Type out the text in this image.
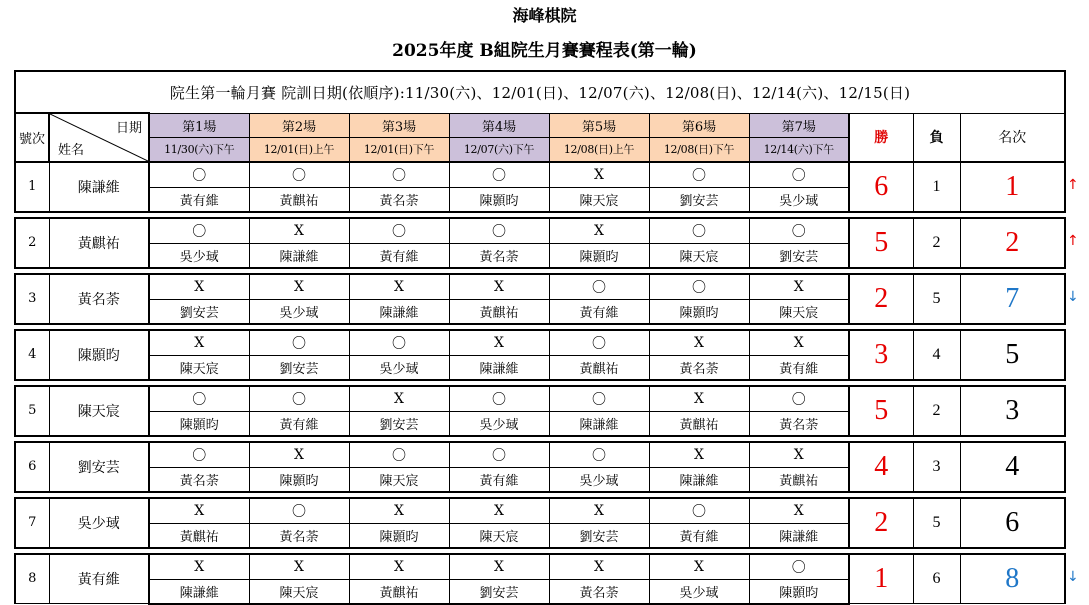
海峰棋院
2025年度 B組院生月賽賽程表(第一輪)
院生第一輪月賽 院訓日期(依順序):11/30(六)、12/01(日)、12/07(六)、12/08(日)、12/14(六)、12/15(日)											
號次	日期
姓名	第1場	第2場	第3場	第4場	第5場	第6場	第7場	勝	負	名次
		11/30(六)下午	12/01(日)上午	12/01(日)下午	12/07(六)下午	12/08(日)上午	12/08(日)下午	12/14(六)下午			
1	陳謙維	〇	〇	〇	〇	X	〇	〇	6	1	1
		黃有維	黃麒祐	黃名荼	陳顥昀	陳天宸	劉安芸	吳少琙			

2	黃麒祐	〇	X	〇	〇	X	〇	〇	5	2	2
		吳少琙	陳謙維	黃有維	黃名荼	陳顥昀	陳天宸	劉安芸			

3	黃名荼	X	X	X	X	〇	〇	X	2	5	7
		劉安芸	吳少琙	陳謙維	黃麒祐	黃有維	陳顥昀	陳天宸			

4	陳顥昀	X	〇	〇	X	〇	X	X	3	4	5
		陳天宸	劉安芸	吳少琙	陳謙維	黃麒祐	黃名荼	黃有維			

5	陳天宸	〇	〇	X	〇	〇	X	〇	5	2	3
		陳顥昀	黃有維	劉安芸	吳少琙	陳謙維	黃麒祐	黃名荼			

6	劉安芸	〇	X	〇	〇	〇	X	X	4	3	4
		黃名荼	陳顥昀	陳天宸	黃有維	吳少琙	陳謙維	黃麒祐			

7	吳少琙	X	〇	X	X	X	〇	X	2	5	6
		黃麒祐	黃名荼	陳顥昀	陳天宸	劉安芸	黃有維	陳謙維			

8	黃有維	X	X	X	X	X	X	〇	1	6	8
		陳謙維	陳天宸	黃麒祐	劉安芸	黃名荼	吳少琙	陳顥昀			
↑
↑
↓
↓
